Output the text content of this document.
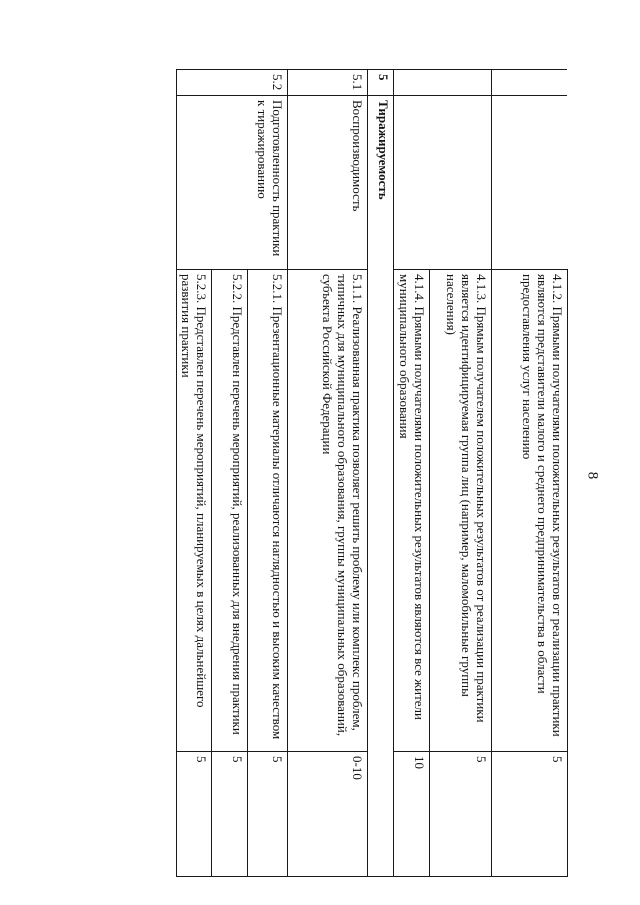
8
		4.1.2. Прямыми получателями положительных результатов от реализации практики являются представители малого и среднего предпринимательства в области предоставления услуг населению	5
		4.1.3. Прямым получателем положительных результатов от реализации практики является идентифицируемая группа лиц (например, маломобильные группы населения)	5
		4.1.4. Прямыми получателями положительных результатов являются все жители муниципального образования	10
5	Тиражируемость		
5.1	Воспроизводимость	5.1.1. Реализованная практика позволяет решить проблему или комплекс проблем, типичных для муниципального образования, группы муниципальных образований, субъекта Российской Федерации	0-10
5.2	Подготовленность практики к тиражированию	5.2.1. Презентационные материалы отличаются наглядностью и высоким качеством	5
		5.2.2. Представлен перечень мероприятий, реализованных для внедрения практики	5
		5.2.3. Представлен перечень мероприятий, планируемых в целях дальнейшего развития практики	5
